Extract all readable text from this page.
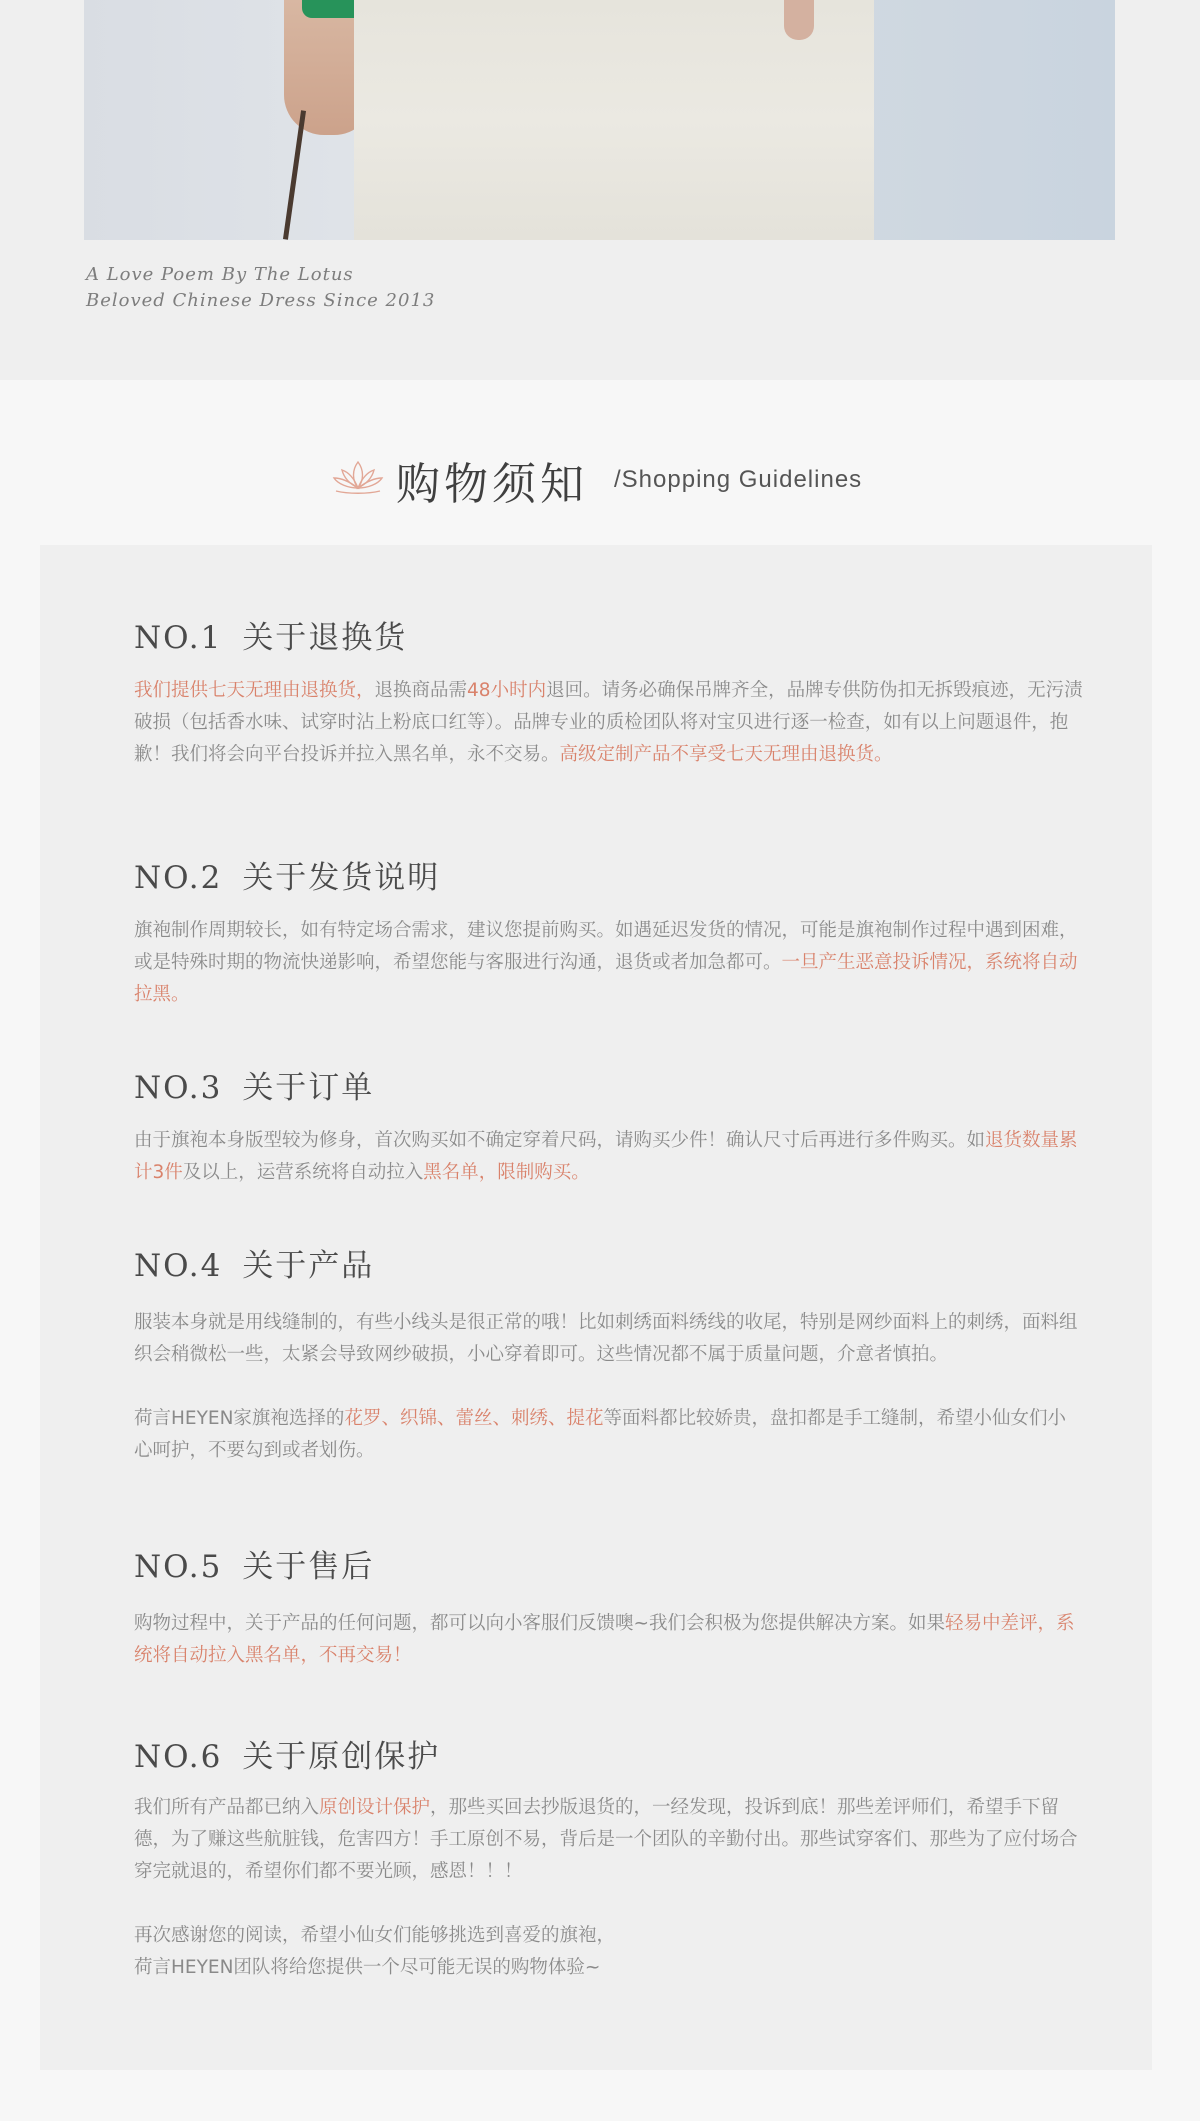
A Love Poem By The Lotus
Beloved Chinese Dress Since 2013
购物须知 /Shopping Guidelines
NO.1 关于退换货

我们提供七天无理由退换货，退换商品需48小时内退回。请务必确保吊牌齐全，品牌专供防伪扣无拆毁痕迹，无污渍破损（包括香水味、试穿时沾上粉底口红等）。品牌专业的质检团队将对宝贝进行逐一检查，如有以上问题退件，抱歉！我们将会向平台投诉并拉入黑名单，永不交易。高级定制产品不享受七天无理由退换货。

NO.2 关于发货说明

旗袍制作周期较长，如有特定场合需求，建议您提前购买。如遇延迟发货的情况，可能是旗袍制作过程中遇到困难，或是特殊时期的物流快递影响，希望您能与客服进行沟通，退货或者加急都可。一旦产生恶意投诉情况，系统将自动拉黑。

NO.3 关于订单

由于旗袍本身版型较为修身，首次购买如不确定穿着尺码，请购买少件！确认尺寸后再进行多件购买。如退货数量累计3件及以上，运营系统将自动拉入黑名单，限制购买。

NO.4 关于产品

服装本身就是用线缝制的，有些小线头是很正常的哦！比如刺绣面料绣线的收尾，特别是网纱面料上的刺绣，面料组织会稍微松一些，太紧会导致网纱破损，小心穿着即可。这些情况都不属于质量问题，介意者慎拍。

荷言HEYEN家旗袍选择的花罗、织锦、蕾丝、刺绣、提花等面料都比较娇贵，盘扣都是手工缝制，希望小仙女们小心呵护，不要勾到或者划伤。

NO.5 关于售后

购物过程中，关于产品的任何问题，都可以向小客服们反馈噢~我们会积极为您提供解决方案。如果轻易中差评，系统将自动拉入黑名单，不再交易！

NO.6 关于原创保护

我们所有产品都已纳入原创设计保护，那些买回去抄版退货的，一经发现，投诉到底！那些差评师们，希望手下留德，为了赚这些航脏钱，危害四方！手工原创不易，背后是一个团队的辛勤付出。那些试穿客们、那些为了应付场合穿完就退的，希望你们都不要光顾，感恩！！！

再次感谢您的阅读，希望小仙女们能够挑选到喜爱的旗袍，
荷言HEYEN团队将给您提供一个尽可能无误的购物体验~
